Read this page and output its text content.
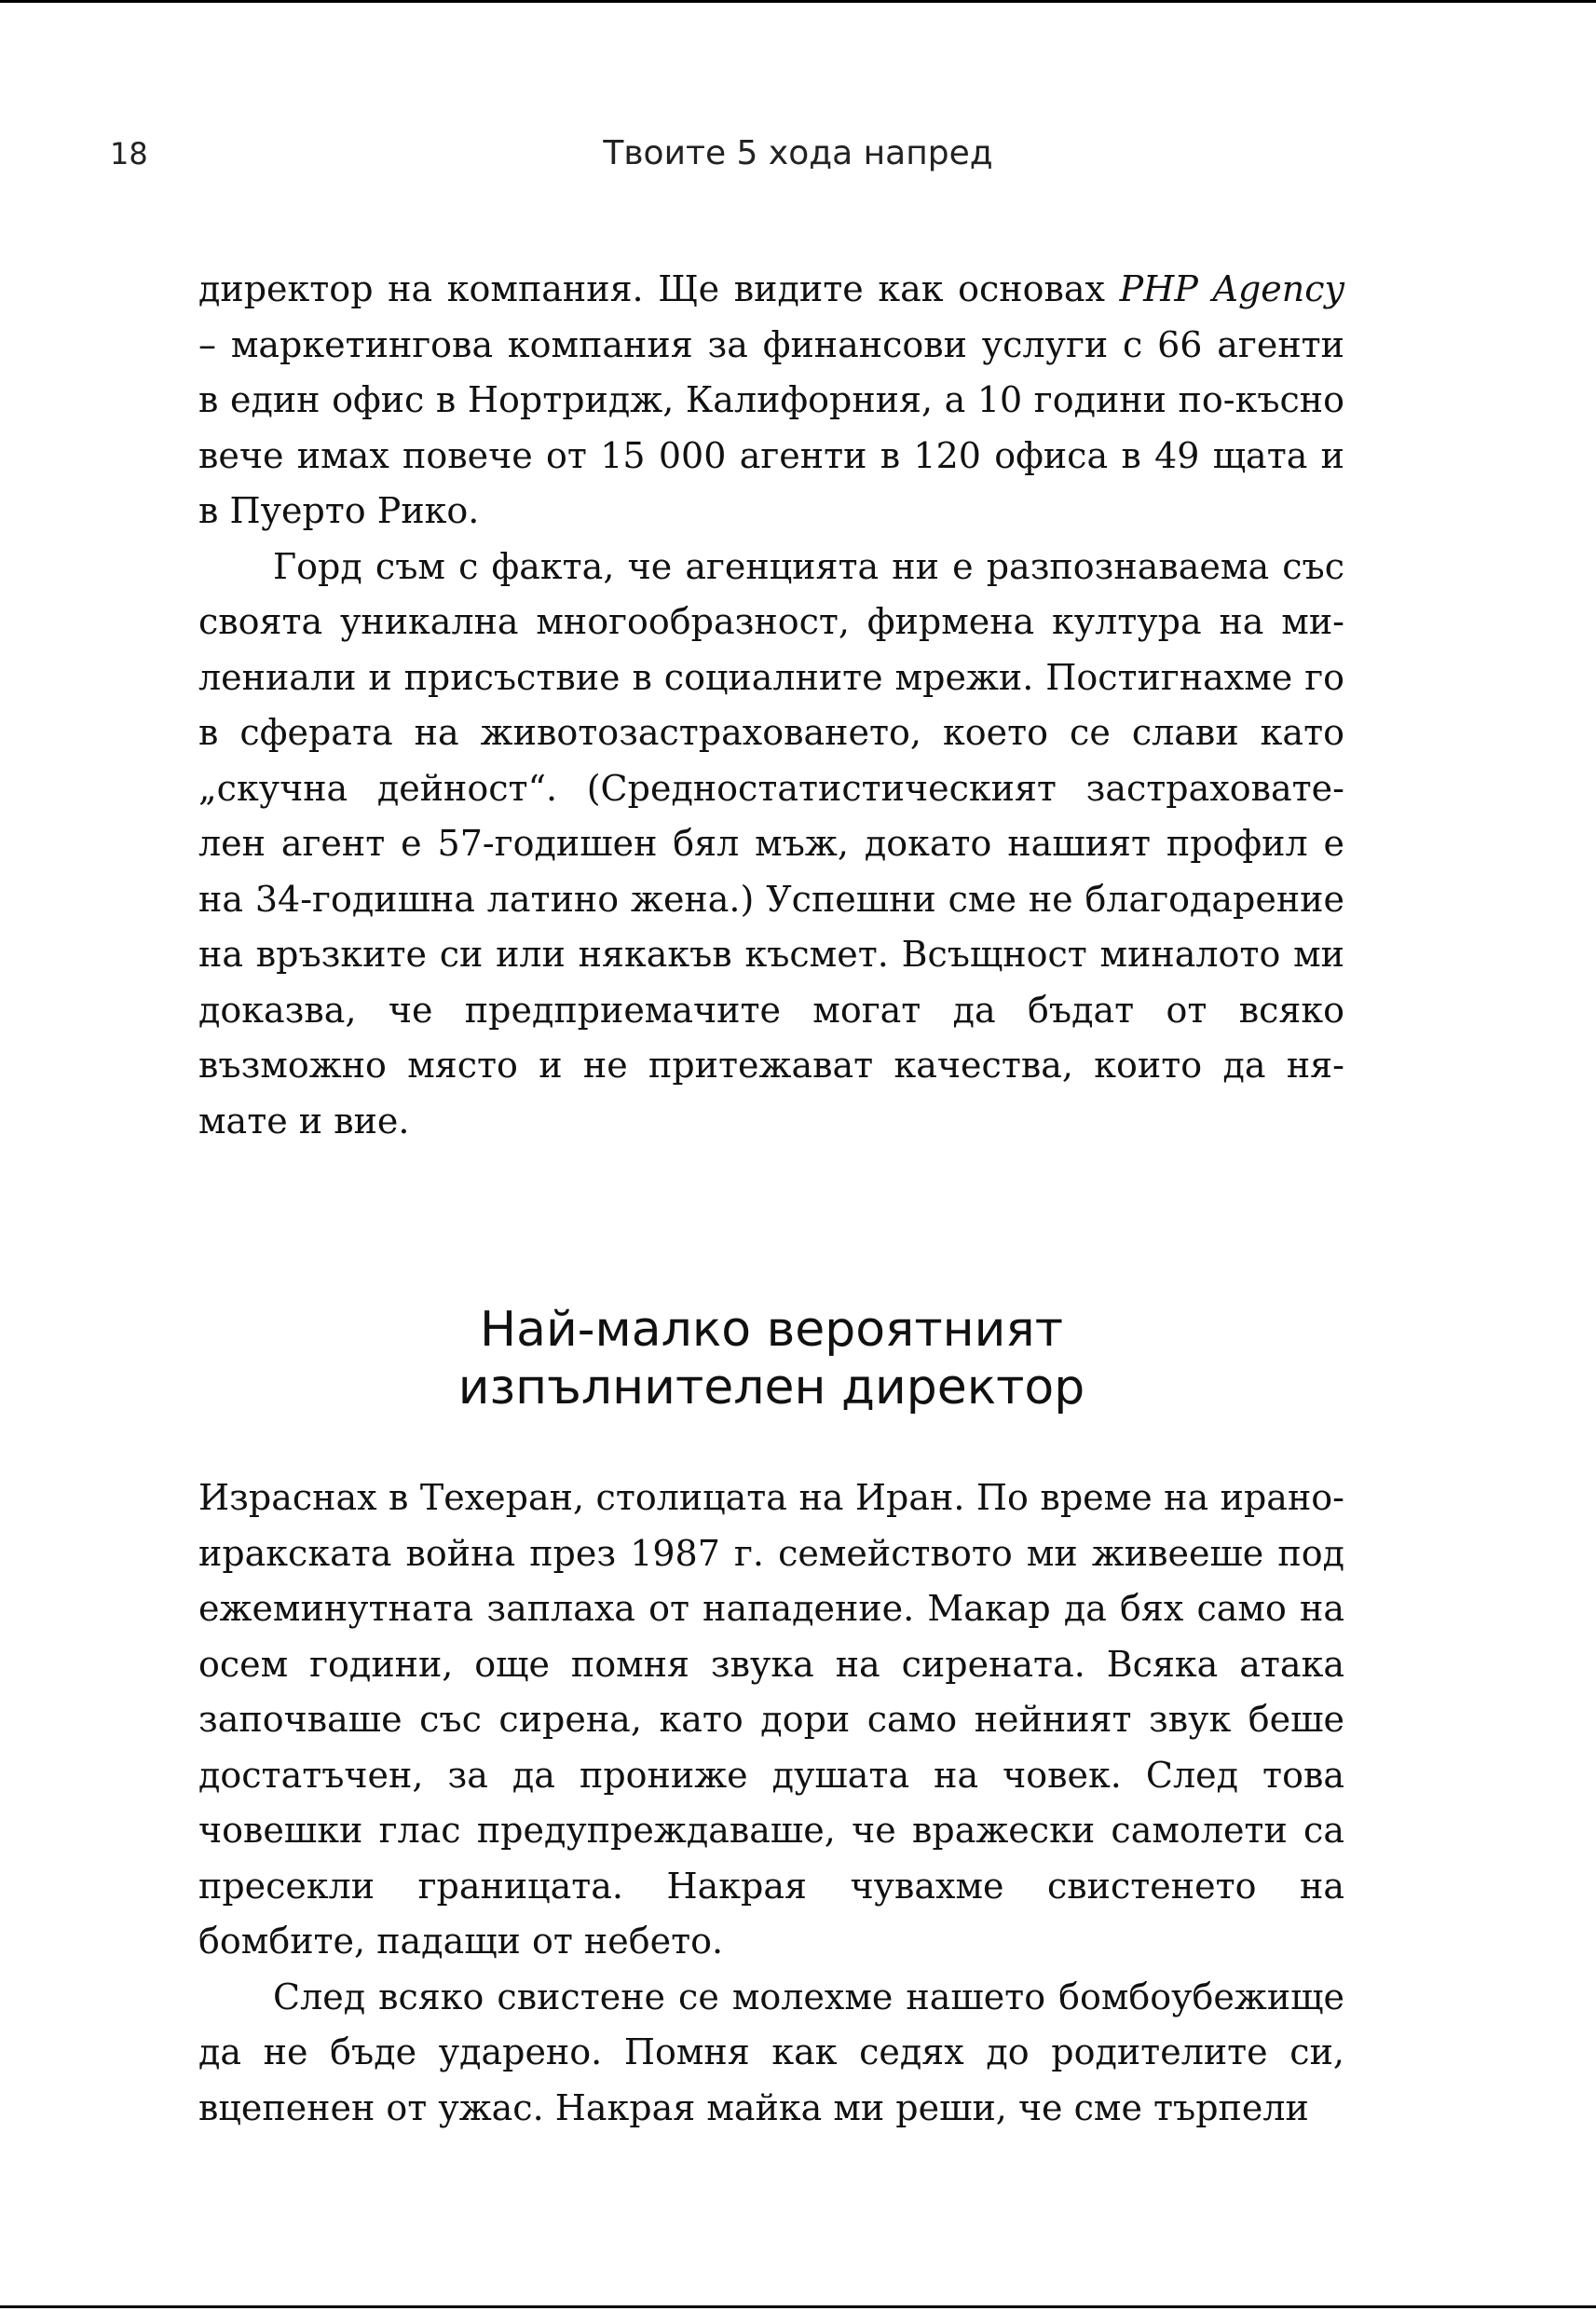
18	Твоите 5 хода напред

директор на компания. Ще видите как основах PHP Agency – маркетингова компания за финансови услуги с 66 агенти в един офис в Нортридж, Калифорния, а 10 години по-късно вече имах повече от 15 000 агенти в 120 офиса в 49 щата и в Пуерто Рико.

Горд съм с факта, че агенцията ни е разпознаваема със своята уникална многообразност, фирмена култура на милениали и присъствие в социалните мрежи. Постигнахме го в сферата на животозастраховането, което се слави като „скучна дейност“. (Средностатистическият застрахователен агент е 57-годишен бял мъж, докато нашият профил е на 34-годишна латино жена.) Успешни сме не благодарение на връзките си или някакъв късмет. Всъщност миналото ми доказва, че предприемачите могат да бъдат от всяко възможно място и не притежават качества, които да нямате и вие.

Най-малко вероятният
изпълнителен директор

Израснах в Техеран, столицата на Иран. По време на ирано-иракската война през 1987 г. семейството ми живееше под ежеминутната заплаха от нападение. Макар да бях само на осем години, още помня звука на сирената. Всяка атака започваше със сирена, като дори само нейният звук беше достатъчен, за да прониже душата на човек. След това човешки глас предупреждаваше, че вражески самолети са пресекли границата. Накрая чувахме свистенето на бомбите, падащи от небето.

След всяко свистене се молехме нашето бомбоубежище да не бъде ударено. Помня как седях до родителите си, вцепенен от ужас. Накрая майка ми реши, че сме търпели
